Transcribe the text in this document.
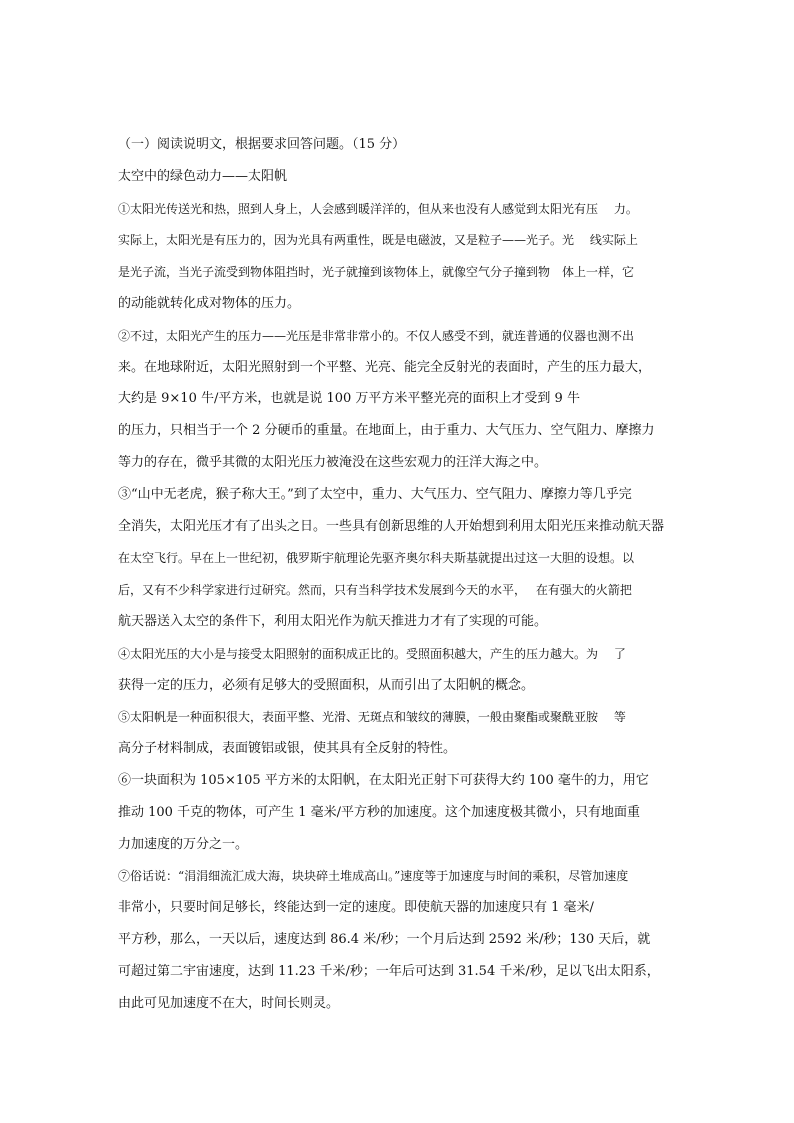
（一）阅读说明文，根据要求回答问题。（15 分）
太空中的绿色动力——太阳帆
①太阳光传送光和热，照到人身上，人会感到暖洋洋的，但从来也没有人感觉到太阳光有压　 力。
实际上，太阳光是有压力的，因为光具有两重性，既是电磁波，又是粒子——光子。光　 线实际上
是光子流，当光子流受到物体阻挡时，光子就撞到该物体上，就像空气分子撞到物　体上一样，它
的动能就转化成对物体的压力。
②不过，太阳光产生的压力——光压是非常非常小的。不仅人感受不到，就连普通的仪器也测不出
来。在地球附近，太阳光照射到一个平整、光亮、能完全反射光的表面时，产生的压力最大，
大约是 9×10 牛/平方米，也就是说 100 万平方米平整光亮的面积上才受到 9 牛
的压力，只相当于一个 2 分硬币的重量。在地面上，由于重力、大气压力、空气阻力、摩擦力
等力的存在，微乎其微的太阳光压力被淹没在这些宏观力的汪洋大海之中。
③“山中无老虎，猴子称大王。”到了太空中，重力、大气压力、空气阻力、摩擦力等几乎完
全消失，太阳光压才有了出头之日。一些具有创新思维的人开始想到利用太阳光压来推动航天器
在太空飞行。早在上一世纪初，俄罗斯宇航理论先驱齐奥尔科夫斯基就提出过这一大胆的设想。以
后，又有不少科学家进行过研究。然而，只有当科学技术发展到今天的水平，　 在有强大的火箭把
航天器送入太空的条件下，利用太阳光作为航天推进力才有了实现的可能。
④太阳光压的大小是与接受太阳照射的面积成正比的。受照面积越大，产生的压力越大。为　 了
获得一定的压力，必须有足够大的受照面积，从而引出了太阳帆的概念。
⑤太阳帆是一种面积很大，表面平整、光滑、无斑点和皱纹的薄膜，一般由聚酯或聚酰亚胺　 等
高分子材料制成，表面镀铝或银，使其具有全反射的特性。
⑥一块面积为 105×105 平方米的太阳帆，在太阳光正射下可获得大约 100 毫牛的力，用它
推动 100 千克的物体，可产生 1 毫米/平方秒的加速度。这个加速度极其微小，只有地面重
力加速度的万分之一。
⑦俗话说：“涓涓细流汇成大海，块块碎土堆成高山。”速度等于加速度与时间的乘积，尽管加速度
非常小，只要时间足够长，终能达到一定的速度。即使航天器的加速度只有 1 毫米/
平方秒，那么，一天以后，速度达到 86.4 米/秒；一个月后达到 2592 米/秒；130 天后，就
可超过第二宇宙速度，达到 11.23 千米/秒；一年后可达到 31.54 千米/秒，足以飞出太阳系，
由此可见加速度不在大，时间长则灵。
